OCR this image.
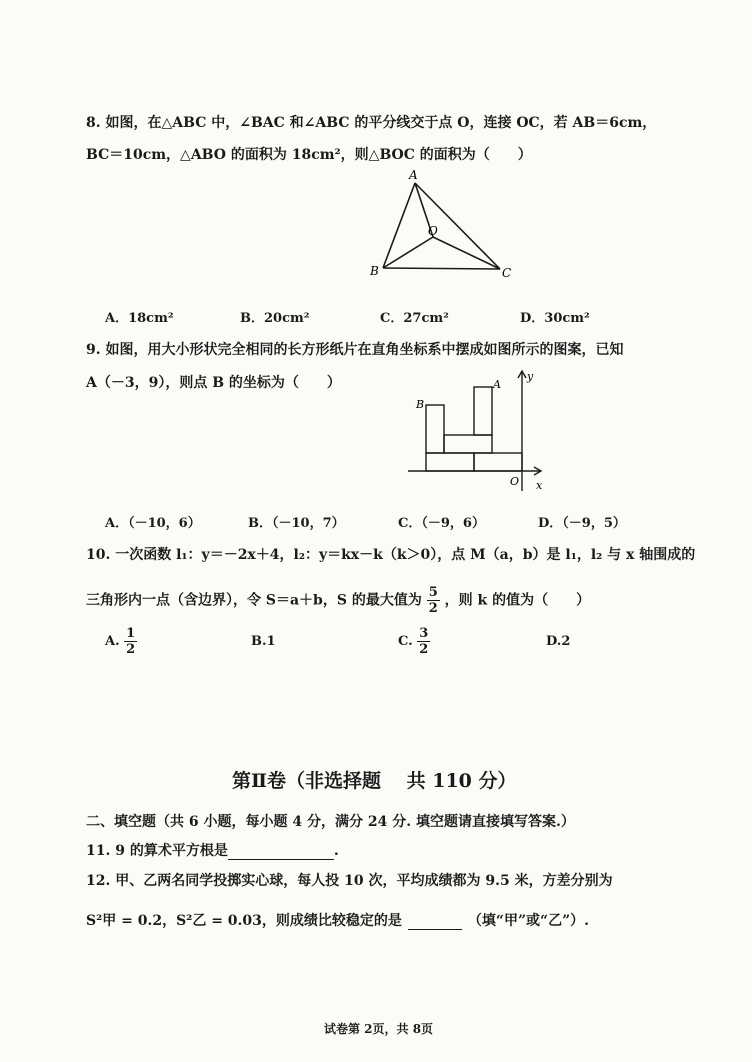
8. 如图，在△ABC 中，∠BAC 和∠ABC 的平分线交于点 O，连接 OC，若 AB＝6cm，
BC＝10cm，△ABO 的面积为 18cm²，则△BOC 的面积为（　　）
A
B	C
O
A．18cm²	B．20cm²	C．27cm²	D．30cm²
9. 如图，用大小形状完全相同的长方形纸片在直角坐标系中摆成如图所示的图案，已知
A（－3，9），则点 B 的坐标为（　　）
B
A
O x
y
A．（－10，6）	B．（－10，7）	C．（－9，6）	D．（－9，5）
10. 一次函数 l₁：y＝－2x＋4，l₂：y＝kx－k（k＞0），点 M（a，b）是 l₁，l₂ 与 x 轴围成的
三角形内一点（含边界），令 S＝a＋b，S 的最大值为 $\frac{5}{2}$ ，则 k 的值为（　　）
A. $\frac{1}{2}$	B.1	C. $\frac{3}{2}$	D.2
第Ⅱ卷（非选择题　 共 110 分）
二、填空题（共 6 小题，每小题 4 分，满分 24 分. 填空题请直接填写答案.）
11. 9 的算术平方根是	.
12. 甲、乙两名同学投掷实心球，每人投 10 次，平均成绩都为 9.5 米，方差分别为
S²甲 = 0.2，S²乙 = 0.03，则成绩比较稳定的是	（填“甲”或“乙”）.
试卷第 2页，共 8页
